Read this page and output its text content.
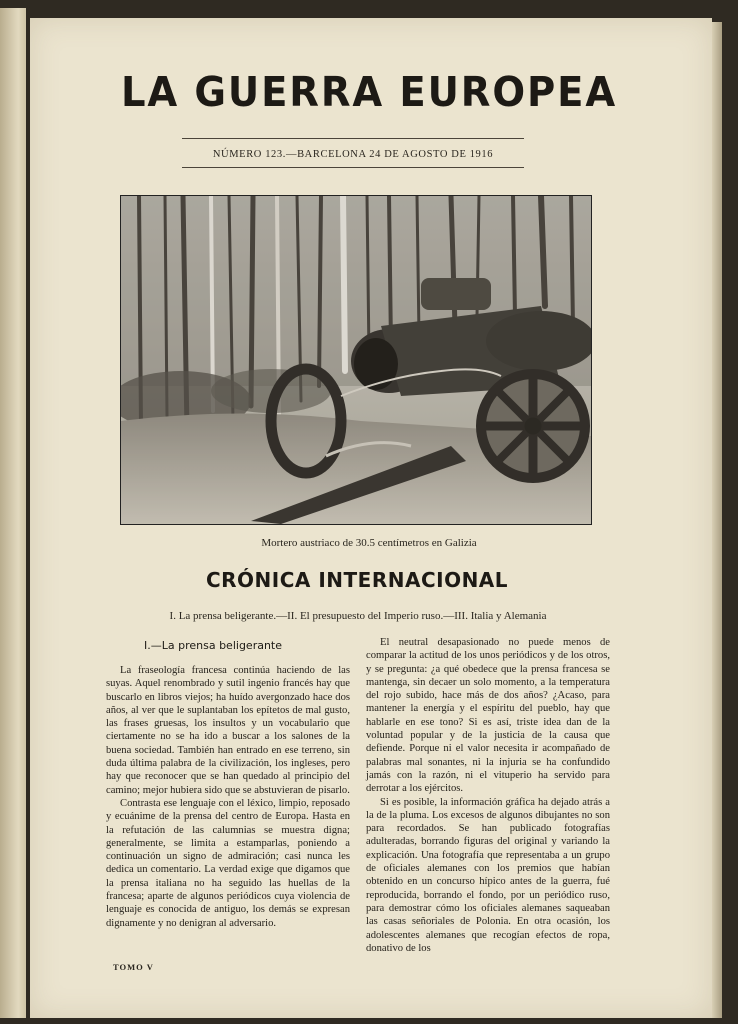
LA GUERRA EUROPEA
NÚMERO 123.—BARCELONA 24 DE AGOSTO DE 1916
Mortero austriaco de 30.5 centímetros en Galizia
CRÓNICA INTERNACIONAL
I. La prensa beligerante.—II. El presupuesto del Imperio ruso.—III. Italia y Alemania
I.—La prensa beligerante

La fraseología francesa continúa haciendo de las suyas. Aquel renombrado y sutil ingenio francés hay que buscarlo en libros viejos; ha huído avergonzado hace dos años, al ver que le suplantaban los epítetos de mal gusto, las frases gruesas, los insultos y un vocabulario que ciertamente no se ha ido a buscar a los salones de la buena sociedad. También han entrado en ese terreno, sin duda última palabra de la civilización, los ingleses, pero hay que reconocer que se han quedado al principio del camino; mejor hubiera sido que se abstuvieran de pisarlo.

Contrasta ese lenguaje con el léxico, limpio, reposado y ecuánime de la prensa del centro de Europa. Hasta en la refutación de las calumnias se muestra digna; generalmente, se limita a estamparlas, poniendo a continuación un signo de admiración; casi nunca les dedica un comentario. La verdad exige que digamos que la prensa italiana no ha seguido las huellas de la francesa; aparte de algunos periódicos cuya violencia de lenguaje es conocida de antiguo, los demás se expresan dignamente y no denigran al adversario.

El neutral desapasionado no puede menos de comparar la actitud de los unos periódicos y de los otros, y se pregunta: ¿a qué obedece que la prensa francesa se mantenga, sin decaer un solo momento, a la temperatura del rojo subido, hace más de dos años? ¿Acaso, para mantener la energía y el espíritu del pueblo, hay que hablarle en ese tono? Si es así, triste idea dan de la voluntad popular y de la justicia de la causa que defiende. Porque ni el valor necesita ir acompañado de palabras mal sonantes, ni la injuria se ha confundido jamás con la razón, ni el vituperio ha servido para derrotar a los ejércitos.

Si es posible, la información gráfica ha dejado atrás a la de la pluma. Los excesos de algunos dibujantes no son para recordados. Se han publicado fotografías adulteradas, borrando figuras del original y variando la explicación. Una fotografía que representaba a un grupo de oficiales alemanes con los premios que habían obtenido en un concurso hípico antes de la guerra, fué reproducida, borrando el fondo, por un periódico ruso, para demostrar cómo los oficiales alemanes saqueaban las casas señoriales de Polonia. En otra ocasión, los adolescentes alemanes que recogían efectos de ropa, donativo de los

TOMO V
